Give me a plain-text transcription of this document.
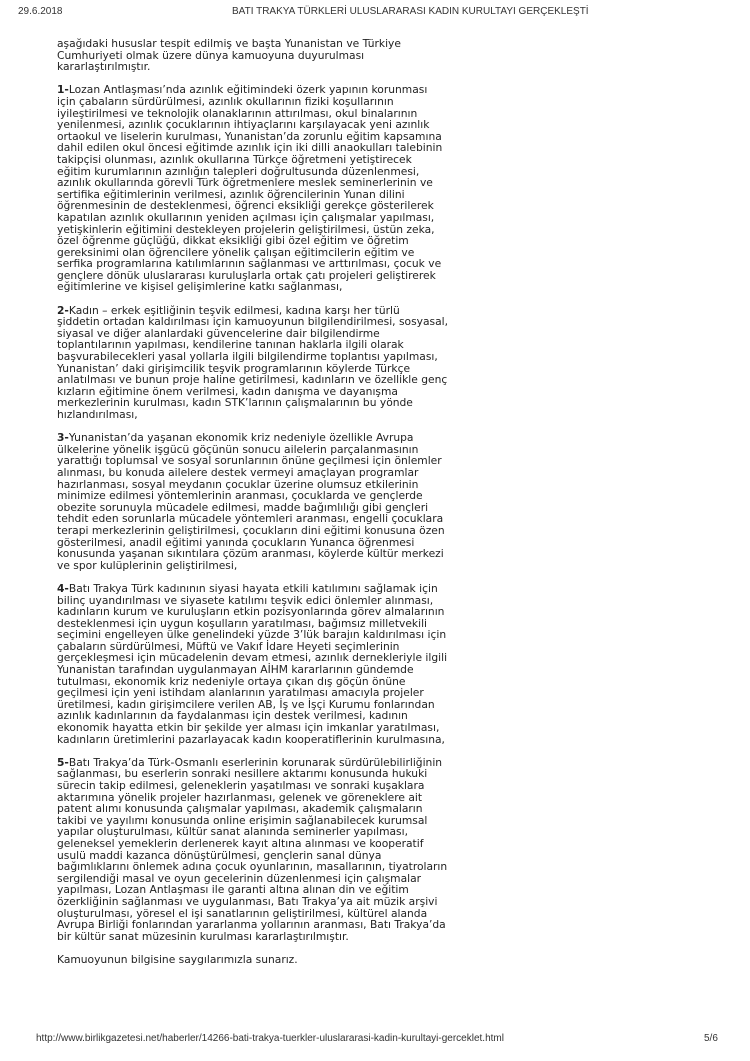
29.6.2018	BATI TRAKYA TÜRKLERİ ULUSLARARASI KADIN KURULTAYI GERÇEKLEŞTİ

aşağıdaki hususlar tespit edilmiş ve başta Yunanistan ve Türkiye
Cumhuriyeti olmak üzere dünya kamuoyuna duyurulması
kararlaştırılmıştır.

1-Lozan Antlaşması’nda azınlık eğitimindeki özerk yapının korunması
için çabaların sürdürülmesi, azınlık okullarının fiziki koşullarının
iyileştirilmesi ve teknolojik olanaklarının attırılması, okul binalarının
yenilenmesi, azınlık çocuklarının ihtiyaçlarını karşılayacak yeni azınlık
ortaokul ve liselerin kurulması, Yunanistan’da zorunlu eğitim kapsamına
dahil edilen okul öncesi eğitimde azınlık için iki dilli anaokulları talebinin
takipçisi olunması, azınlık okullarına Türkçe öğretmeni yetiştirecek
eğitim kurumlarının azınlığın talepleri doğrultusunda düzenlenmesi,
azınlık okullarında görevli Türk öğretmenlere meslek seminerlerinin ve
sertifika eğitimlerinin verilmesi, azınlık öğrencilerinin Yunan dilini
öğrenmesinin de desteklenmesi, öğrenci eksikliği gerekçe gösterilerek
kapatılan azınlık okullarının yeniden açılması için çalışmalar yapılması,
yetişkinlerin eğitimini destekleyen projelerin geliştirilmesi, üstün zeka,
özel öğrenme güçlüğü, dikkat eksikliği gibi özel eğitim ve öğretim
gereksinimi olan öğrencilere yönelik çalışan eğitimcilerin eğitim ve
serfika programlarına katılımlarının sağlanması ve arttırılması, çocuk ve
gençlere dönük uluslararası kuruluşlarla ortak çatı projeleri geliştirerek
eğitimlerine ve kişisel gelişimlerine katkı sağlanması,

2-Kadın – erkek eşitliğinin teşvik edilmesi, kadına karşı her türlü
şiddetin ortadan kaldırılması için kamuoyunun bilgilendirilmesi, sosyasal,
siyasal ve diğer alanlardaki güvencelerine dair bilgilendirme
toplantılarının yapılması, kendilerine tanınan haklarla ilgili olarak
başvurabilecekleri yasal yollarla ilgili bilgilendirme toplantısı yapılması,
Yunanistan’ daki girişimcilik teşvik programlarının köylerde Türkçe
anlatılması ve bunun proje haline getirilmesi, kadınların ve özellikle genç
kızların eğitimine önem verilmesi, kadın danışma ve dayanışma
merkezlerinin kurulması, kadın STK’larının çalışmalarının bu yönde
hızlandırılması,

3-Yunanistan’da yaşanan ekonomik kriz nedeniyle özellikle Avrupa
ülkelerine yönelik işgücü göçünün sonucu ailelerin parçalanmasının
yarattığı toplumsal ve sosyal sorunlarının önüne geçilmesi için önlemler
alınması, bu konuda ailelere destek vermeyi amaçlayan programlar
hazırlanması, sosyal meydanın çocuklar üzerine olumsuz etkilerinin
minimize edilmesi yöntemlerinin aranması, çocuklarda ve gençlerde
obezite sorunuyla mücadele edilmesi, madde bağımlılığı gibi gençleri
tehdit eden sorunlarla mücadele yöntemleri aranması, engelli çocuklara
terapi merkezlerinin geliştirilmesi, çocukların dini eğitimi konusuna özen
gösterilmesi, anadil eğitimi yanında çocukların Yunanca öğrenmesi
konusunda yaşanan sıkıntılara çözüm aranması, köylerde kültür merkezi
ve spor kulüplerinin geliştirilmesi,

4-Batı Trakya Türk kadınının siyasi hayata etkili katılımını sağlamak için
bilinç uyandırılması ve siyasete katılımı teşvik edici önlemler alınması,
kadınların kurum ve kuruluşların etkin pozisyonlarında görev almalarının
desteklenmesi için uygun koşulların yaratılması, bağımsız milletvekili
seçimini engelleyen ülke genelindeki yüzde 3’lük barajın kaldırılması için
çabaların sürdürülmesi, Müftü ve Vakıf İdare Heyeti seçimlerinin
gerçekleşmesi için mücadelenin devam etmesi, azınlık dernekleriyle ilgili
Yunanistan tarafından uygulanmayan AİHM kararlarının gündemde
tutulması, ekonomik kriz nedeniyle ortaya çıkan dış göçün önüne
geçilmesi için yeni istihdam alanlarının yaratılması amacıyla projeler
üretilmesi, kadın girişimcilere verilen AB, İş ve İşçi Kurumu fonlarından
azınlık kadınlarının da faydalanması için destek verilmesi, kadının
ekonomik hayatta etkin bir şekilde yer alması için imkanlar yaratılması,
kadınların üretimlerini pazarlayacak kadın kooperatiflerinin kurulmasına,

5-Batı Trakya’da Türk-Osmanlı eserlerinin korunarak sürdürülebilirliğinin
sağlanması, bu eserlerin sonraki nesillere aktarımı konusunda hukuki
sürecin takip edilmesi, geleneklerin yaşatılması ve sonraki kuşaklara
aktarımına yönelik projeler hazırlanması, gelenek ve göreneklere ait
patent alımı konusunda çalışmalar yapılması, akademik çalışmaların
takibi ve yayılımı konusunda online erişimin sağlanabilecek kurumsal
yapılar oluşturulması, kültür sanat alanında seminerler yapılması,
geleneksel yemeklerin derlenerek kayıt altına alınması ve kooperatif
usulü maddi kazanca dönüştürülmesi, gençlerin sanal dünya
bağımlıklarını önlemek adına çocuk oyunlarının, masallarının, tiyatroların
sergilendiği masal ve oyun gecelerinin düzenlenmesi için çalışmalar
yapılması, Lozan Antlaşması ile garanti altına alınan din ve eğitim
özerkliğinin sağlanması ve uygulanması, Batı Trakya’ya ait müzik arşivi
oluşturulması, yöresel el işi sanatlarının geliştirilmesi, kültürel alanda
Avrupa Birliği fonlarından yararlanma yollarının aranması, Batı Trakya’da
bir kültür sanat müzesinin kurulması kararlaştırılmıştır.

Kamuoyunun bilgisine saygılarımızla sunarız.

http://www.birlikgazetesi.net/haberler/14266-bati-trakya-tuerkler-uluslararasi-kadin-kurultayi-gerceklet.html	5/6
